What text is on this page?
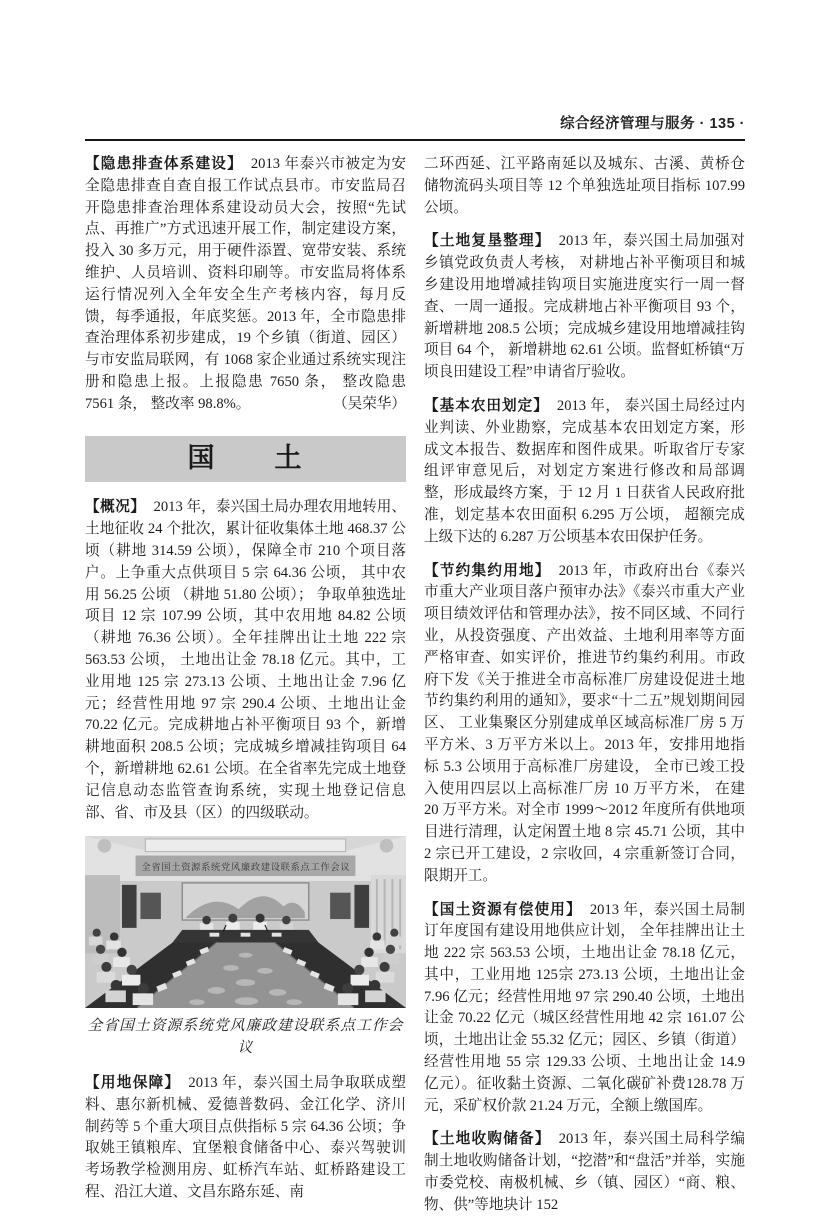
综合经济管理与服务 · 135 ·

【隐患排查体系建设】 2013 年泰兴市被定为安全隐患排查自查自报工作试点县市。市安监局召开隐患排查治理体系建设动员大会，按照“先试点、再推广”方式迅速开展工作，制定建设方案，投入 30 多万元，用于硬件添置、宽带安装、系统维护、人员培训、资料印刷等。市安监局将体系运行情况列入全年安全生产考核内容，每月反馈，每季通报，年底奖惩。2013 年，全市隐患排查治理体系初步建成，19 个乡镇（街道、园区）与市安监局联网，有 1068 家企业通过系统实现注册和隐患上报。上报隐患 7650 条， 整改隐患 7561 条， 整改率 98.8%。	（吴荣华）

国　　土

【概况】 2013 年，泰兴国土局办理农用地转用、土地征收 24 个批次，累计征收集体土地 468.37 公顷（耕地 314.59 公顷），保障全市 210 个项目落户。上争重大点供项目 5 宗 64.36 公顷， 其中农用 56.25 公顷 （耕地 51.80 公顷）； 争取单独选址项目 12 宗 107.99 公顷，其中农用地 84.82 公顷（耕地 76.36 公顷）。全年挂牌出让土地 222 宗 563.53 公顷， 土地出让金 78.18 亿元。其中，工业用地 125 宗 273.13 公顷、土地出让金 7.96 亿元；经营性用地 97 宗 290.4 公顷、土地出让金 70.22 亿元。完成耕地占补平衡项目 93 个，新增耕地面积 208.5 公顷；完成城乡增减挂钩项目 64 个，新增耕地 62.61 公顷。在全省率先完成土地登记信息动态监管查询系统，实现土地登记信息部、省、市及县（区）的四级联动。

全省国土资源系统党风廉政建设联系点工作会议
全省国土资源系统党风廉政建设联系点工作会议

【用地保障】 2013 年，泰兴国土局争取联成塑料、惠尔新机械、爱德普数码、金江化学、济川制药等 5 个重大项目点供指标 5 宗 64.36 公顷；争取姚王镇粮库、宜堡粮食储备中心、泰兴驾驶训考场教学检测用房、虹桥汽车站、虹桥路建设工程、沿江大道、文昌东路东延、南

二环西延、江平路南延以及城东、古溪、黄桥仓储物流码头项目等 12 个单独选址项目指标 107.99 公顷。

【土地复垦整理】 2013 年，泰兴国土局加强对乡镇党政负责人考核， 对耕地占补平衡项目和城乡建设用地增减挂钩项目实施进度实行一周一督查、一周一通报。完成耕地占补平衡项目 93 个， 新增耕地 208.5 公顷；完成城乡建设用地增减挂钩项目 64 个， 新增耕地 62.61 公顷。监督虹桥镇“万顷良田建设工程”申请省厅验收。

【基本农田划定】 2013 年， 泰兴国土局经过内业判读、外业勘察，完成基本农田划定方案，形成文本报告、数据库和图件成果。听取省厅专家组评审意见后，对划定方案进行修改和局部调整，形成最终方案，于 12 月 1 日获省人民政府批准，划定基本农田面积 6.295 万公顷， 超额完成上级下达的 6.287 万公顷基本农田保护任务。

【节约集约用地】 2013 年，市政府出台《泰兴市重大产业项目落户预审办法》《泰兴市重大产业项目绩效评估和管理办法》，按不同区域、不同行业，从投资强度、产出效益、土地利用率等方面严格审查、如实评价，推进节约集约利用。市政府下发《关于推进全市高标准厂房建设促进土地节约集约利用的通知》，要求“十二五”规划期间园区、 工业集聚区分别建成单区域高标准厂房 5 万平方米、3 万平方米以上。2013 年，安排用地指标 5.3 公顷用于高标准厂房建设， 全市已竣工投入使用四层以上高标准厂房 10 万平方米， 在建 20 万平方米。对全市 1999～2012 年度所有供地项目进行清理，认定闲置土地 8 宗 45.71 公顷，其中 2 宗已开工建设，2 宗收回，4 宗重新签订合同，限期开工。

【国土资源有偿使用】 2013 年，泰兴国土局制订年度国有建设用地供应计划， 全年挂牌出让土地 222 宗 563.53 公顷，土地出让金 78.18 亿元，其中，工业用地 125宗 273.13 公顷，土地出让金 7.96 亿元；经营性用地 97 宗 290.40 公顷，土地出让金 70.22 亿元（城区经营性用地 42 宗 161.07 公顷，土地出让金 55.32 亿元；园区、乡镇（街道）经营性用地 55 宗 129.33 公顷、土地出让金 14.9 亿元）。征收黏土资源、二氧化碳矿补费128.78 万元，采矿权价款 21.24 万元，全额上缴国库。

【土地收购储备】 2013 年，泰兴国土局科学编制土地收购储备计划，“挖潜”和“盘活”并举，实施市委党校、南极机械、乡（镇、园区）“商、粮、物、供”等地块计 152
